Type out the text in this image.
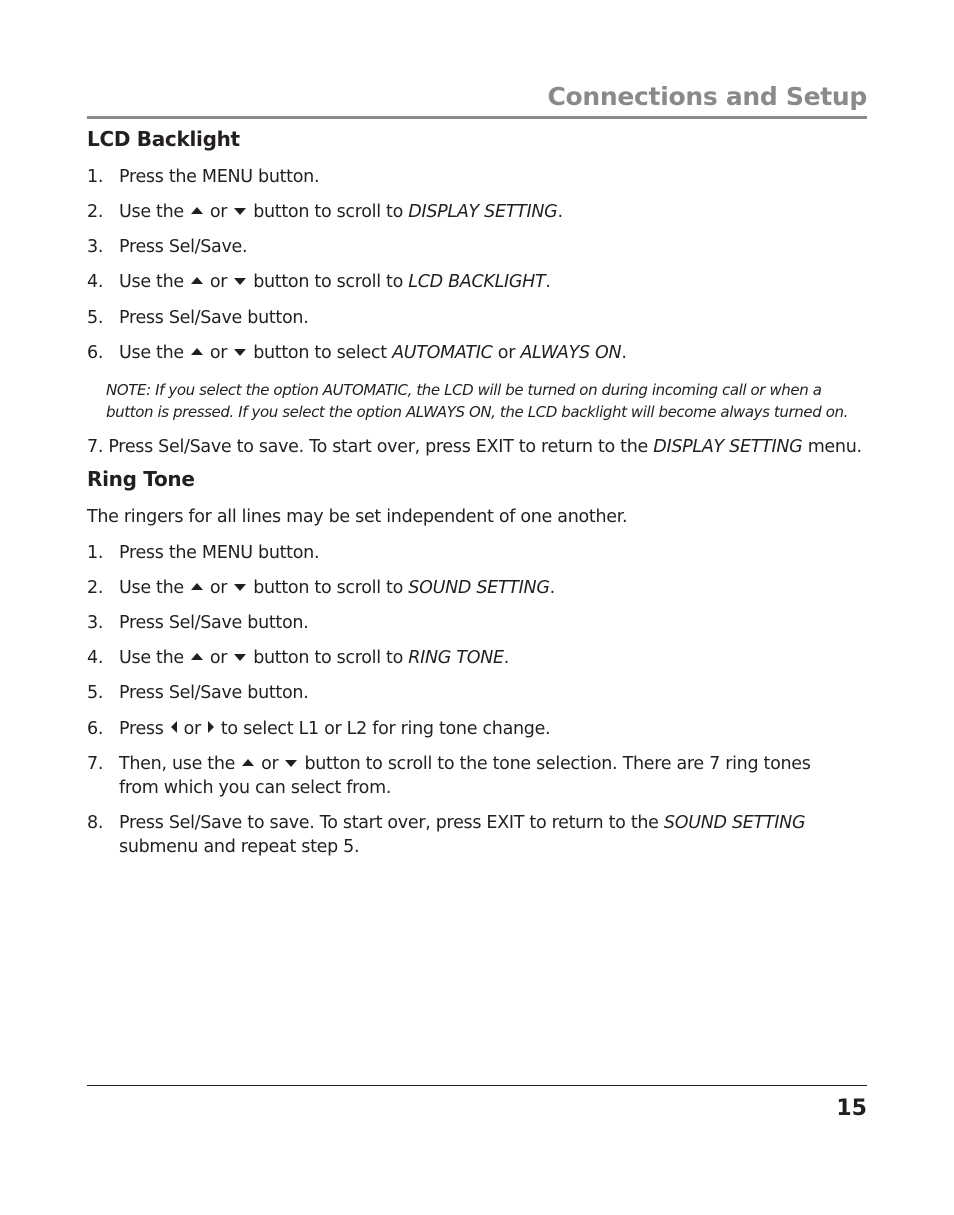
Connections and Setup
LCD Backlight
1. Press the MENU button.
2. Use the or button to scroll to DISPLAY SETTING.
3. Press Sel/Save.
4. Use the or button to scroll to LCD BACKLIGHT.
5. Press Sel/Save button.
6. Use the or button to select AUTOMATIC or ALWAYS ON.
NOTE: If you select the option AUTOMATIC, the LCD will be turned on during incoming call or when a
button is pressed. If you select the option ALWAYS ON, the LCD backlight will become always turned on.
7. Press Sel/Save to save. To start over, press EXIT to return to the DISPLAY SETTING menu.
Ring Tone
The ringers for all lines may be set independent of one another.
1. Press the MENU button.
2. Use the or button to scroll to SOUND SETTING.
3. Press Sel/Save button.
4. Use the or button to scroll to RING TONE.
5. Press Sel/Save button.
6. Press or to select L1 or L2 for ring tone change.
7. Then, use the or button to scroll to the tone selection. There are 7 ring tones
from which you can select from.
8. Press Sel/Save to save. To start over, press EXIT to return to the SOUND SETTING
submenu and repeat step 5.
15
